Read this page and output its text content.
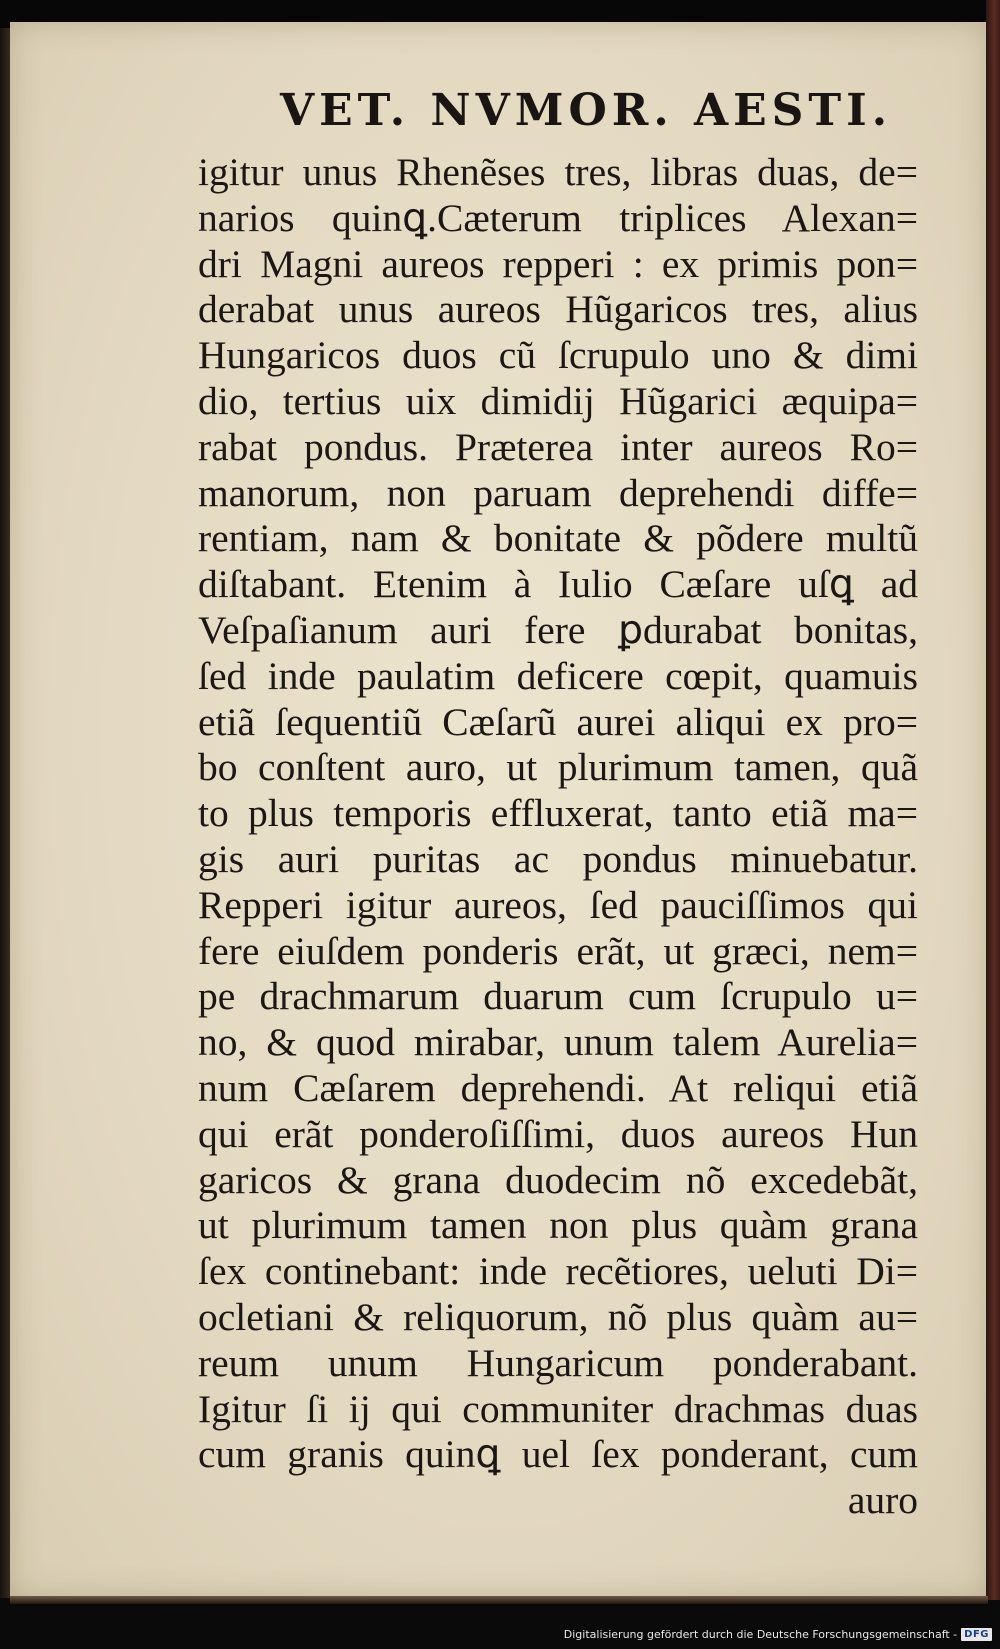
VET. NVMOR. AESTI.
igitur unus Rhenẽses tres, libras duas, de=
narios quinꝗ.Cæterum triplices Alexan=
dri Magni aureos repperi : ex primis pon=
derabat unus aureos Hũgaricos tres, alius
Hungaricos duos cũ ſcrupulo uno & dimi
dio, tertius uix dimidij Hũgarici æquipa=
rabat pondus. Præterea inter aureos Ro=
manorum, non paruam deprehendi diffe=
rentiam, nam & bonitate & põdere multũ
diſtabant. Etenim à Iulio Cæſare uſꝗ ad
Veſpaſianum auri fere ꝑdurabat bonitas,
ſed inde paulatim deficere cœpit, quamuis
etiã ſequentiũ Cæſarũ aurei aliqui ex pro=
bo conſtent auro, ut plurimum tamen, quã
to plus temporis effluxerat, tanto etiã ma=
gis auri puritas ac pondus minuebatur.
Repperi igitur aureos, ſed pauciſſimos qui
fere eiuſdem ponderis erãt, ut græci, nem=
pe drachmarum duarum cum ſcrupulo u=
no, & quod mirabar, unum talem Aurelia=
num Cæſarem deprehendi. At reliqui etiã
qui erãt ponderoſiſſimi, duos aureos Hun
garicos & grana duodecim nõ excedebãt,
ut plurimum tamen non plus quàm grana
ſex continebant: inde recẽtiores, ueluti Di=
ocletiani & reliquorum, nõ plus quàm au=
reum unum Hungaricum ponderabant.
Igitur ſi ij qui communiter drachmas duas
cum granis quinꝗ uel ſex ponderant, cum
auro
Digitalisierung gefördert durch die Deutsche Forschungsgemeinschaft - DFG
